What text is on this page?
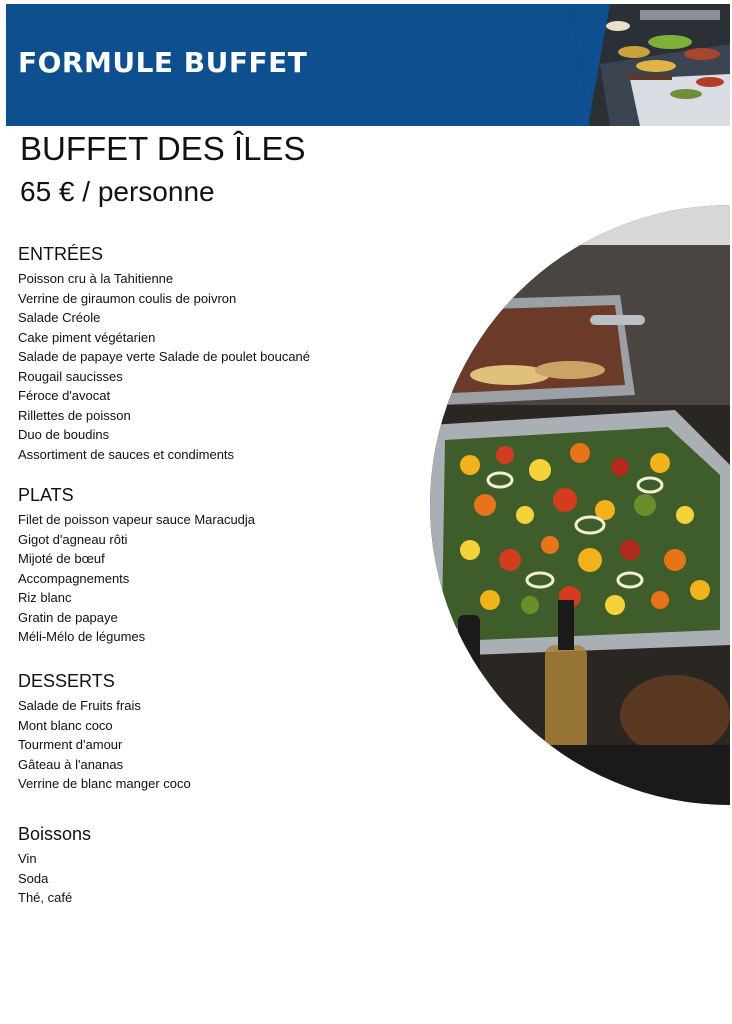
FORMULE BUFFET
BUFFET DES ÎLES
65 € / personne
ENTRÉES
Poisson cru à la Tahitienne
Verrine de giraumon coulis de poivron
Salade Créole
Cake piment végétarien
Salade de papaye verte Salade de poulet boucané
Rougail saucisses
Féroce d'avocat
Rillettes de poisson
Duo de boudins
Assortiment de sauces et condiments
PLATS
Filet de poisson vapeur sauce Maracudja
Gigot d'agneau rôti
Mijoté de bœuf
Accompagnements
Riz blanc
Gratin de papaye
Méli-Mélo de légumes
DESSERTS
Salade de Fruits frais
Mont blanc coco
Tourment d'amour
Gâteau à l'ananas
Verrine de blanc manger coco
Boissons
Vin
Soda
Thé, café
